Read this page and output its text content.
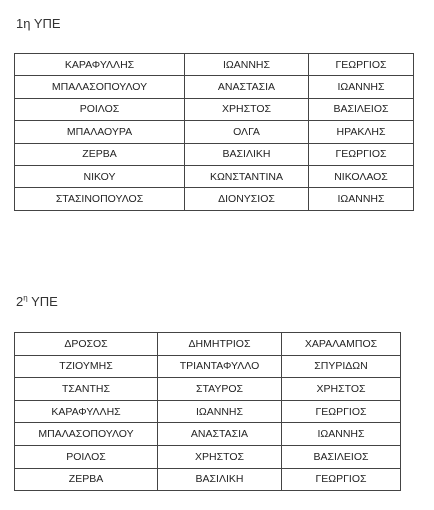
1η ΥΠΕ
ΚΑΡΑΦΥΛΛΗΣ	ΙΩΑΝΝΗΣ	ΓΕΩΡΓΙΟΣ
ΜΠΑΛΑΣΟΠΟΥΛΟΥ	ΑΝΑΣΤΑΣΙΑ	ΙΩΑΝΝΗΣ
ΡΟΙΛΟΣ	ΧΡΗΣΤΟΣ	ΒΑΣΙΛΕΙΟΣ
ΜΠΑΛΑΟΥΡΑ	ΟΛΓΑ	ΗΡΑΚΛΗΣ
ΖΕΡΒΑ	ΒΑΣΙΛΙΚΗ	ΓΕΩΡΓΙΟΣ
ΝΙΚΟΥ	ΚΩΝΣΤΑΝΤΙΝΑ	ΝΙΚΟΛΑΟΣ
ΣΤΑΣΙΝΟΠΟΥΛΟΣ	ΔΙΟΝΥΣΙΟΣ	ΙΩΑΝΝΗΣ
$2^\eta$ ΥΠΕ
ΔΡΟΣΟΣ	ΔΗΜΗΤΡΙΟΣ	ΧΑΡΑΛΑΜΠΟΣ
ΤΖΙΟΥΜΗΣ	ΤΡΙΑΝΤΑΦΥΛΛΟ	ΣΠΥΡΙΔΩΝ
ΤΣΑΝΤΗΣ	ΣΤΑΥΡΟΣ	ΧΡΗΣΤΟΣ
ΚΑΡΑΦΥΛΛΗΣ	ΙΩΑΝΝΗΣ	ΓΕΩΡΓΙΟΣ
ΜΠΑΛΑΣΟΠΟΥΛΟΥ	ΑΝΑΣΤΑΣΙΑ	ΙΩΑΝΝΗΣ
ΡΟΙΛΟΣ	ΧΡΗΣΤΟΣ	ΒΑΣΙΛΕΙΟΣ
ΖΕΡΒΑ	ΒΑΣΙΛΙΚΗ	ΓΕΩΡΓΙΟΣ
